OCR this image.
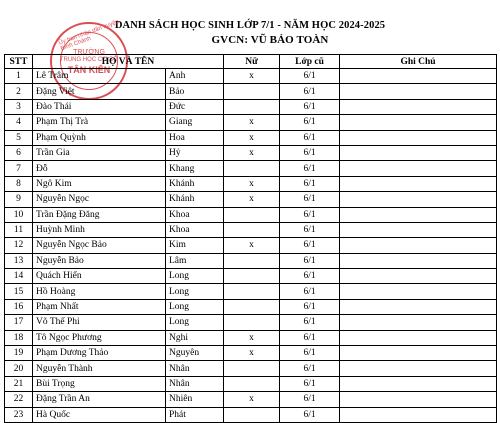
DANH SÁCH HỌC SINH LỚP 7/1 - NĂM HỌC 2024-2025
GVCN: VŨ BẢO TOÀN
Ủy ban nhân dân huyện Bình Chánh
TRƯỜNG
TRUNG HỌC CƠ SỞ
TÂN KIÊN
STT	HỌ VÀ TÊN		Nữ	Lớp cũ	Ghi Chú
1	Lê Trâm	Anh	x	6/1	
2	Đặng Việt	Bảo		6/1	
3	Đào Thái	Đức		6/1	
4	Phạm Thị Trà	Giang	x	6/1	
5	Phạm Quỳnh	Hoa	x	6/1	
6	Trần Gia	Hỷ	x	6/1	
7	Đỗ	Khang		6/1	
8	Ngô Kim	Khánh	x	6/1	
9	Nguyễn Ngọc	Khánh	x	6/1	
10	Trần Đặng Đăng	Khoa		6/1	
11	Huỳnh Minh	Khoa		6/1	
12	Nguyễn Ngọc Bảo	Kim	x	6/1	
13	Nguyễn Bảo	Lâm		6/1	
14	Quách Hiển	Long		6/1	
15	Hồ Hoàng	Long		6/1	
16	Phạm Nhất	Long		6/1	
17	Võ Thế Phi	Long		6/1	
18	Tô Ngọc Phương	Nghi	x	6/1	
19	Phạm Dương Thảo	Nguyên	x	6/1	
20	Nguyễn Thành	Nhân		6/1	
21	Bùi Trọng	Nhân		6/1	
22	Đặng Trần An	Nhiên	x	6/1	
23	Hà Quốc	Phát		6/1	
